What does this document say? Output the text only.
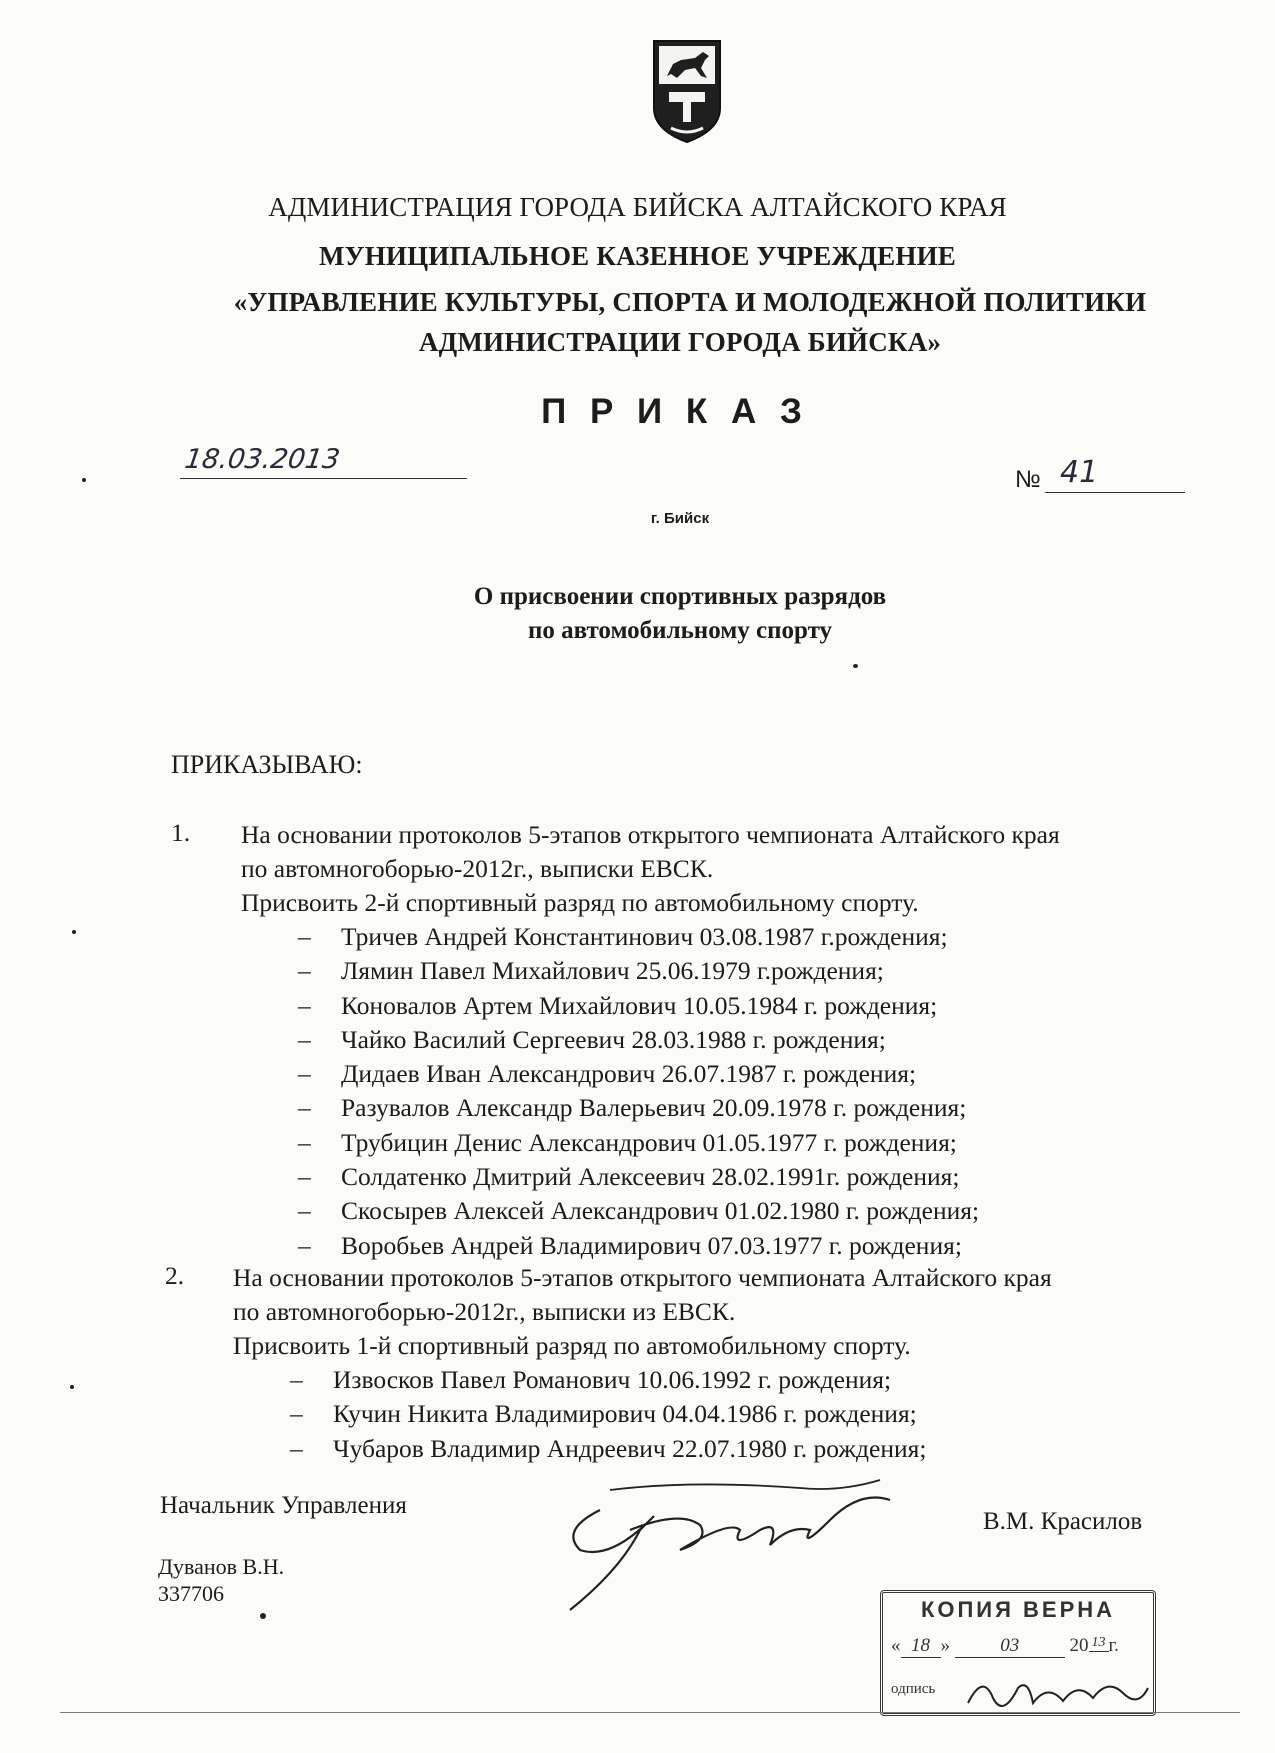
АДМИНИСТРАЦИЯ ГОРОДА БИЙСКА АЛТАЙСКОГО КРАЯ
МУНИЦИПАЛЬНОЕ КАЗЕННОЕ УЧРЕЖДЕНИЕ
«УПРАВЛЕНИЕ КУЛЬТУРЫ, СПОРТА И МОЛОДЕЖНОЙ ПОЛИТИКИ
АДМИНИСТРАЦИИ ГОРОДА БИЙСКА»
П Р И К А З
18.03.2013
№ 41
г. Бийск
О присвоении спортивных разрядов
по автомобильному спорту
ПРИКАЗЫВАЮ:
1. На основании протоколов 5-этапов открытого чемпионата Алтайского края
по автомногоборью-2012г., выписки ЕВСК.
Присвоить 2-й спортивный разряд по автомобильному спорту.
– Тричев Андрей Константинович 03.08.1987 г.рождения;
– Лямин Павел Михайлович 25.06.1979 г.рождения;
– Коновалов Артем Михайлович 10.05.1984 г. рождения;
– Чайко Василий Сергеевич 28.03.1988 г. рождения;
– Дидаев Иван Александрович 26.07.1987 г. рождения;
– Разувалов Александр Валерьевич 20.09.1978 г. рождения;
– Трубицин Денис Александрович 01.05.1977 г. рождения;
– Солдатенко Дмитрий Алексеевич 28.02.1991г. рождения;
– Скосырев Алексей Александрович 01.02.1980 г. рождения;
– Воробьев Андрей Владимирович 07.03.1977 г. рождения;
2. На основании протоколов 5-этапов открытого чемпионата Алтайского края
по автомногоборью-2012г., выписки из ЕВСК.
Присвоить 1-й спортивный разряд по автомобильному спорту.
– Извосков Павел Романович 10.06.1992 г. рождения;
– Кучин Никита Владимирович 04.04.1986 г. рождения;
– Чубаров Владимир Андреевич 22.07.1980 г. рождения;
Начальник Управления
В.М. Красилов
Дуванов В.Н.
337706
КОПИЯ ВЕРНА
« 18 » 03	20 13 г.
одпись
